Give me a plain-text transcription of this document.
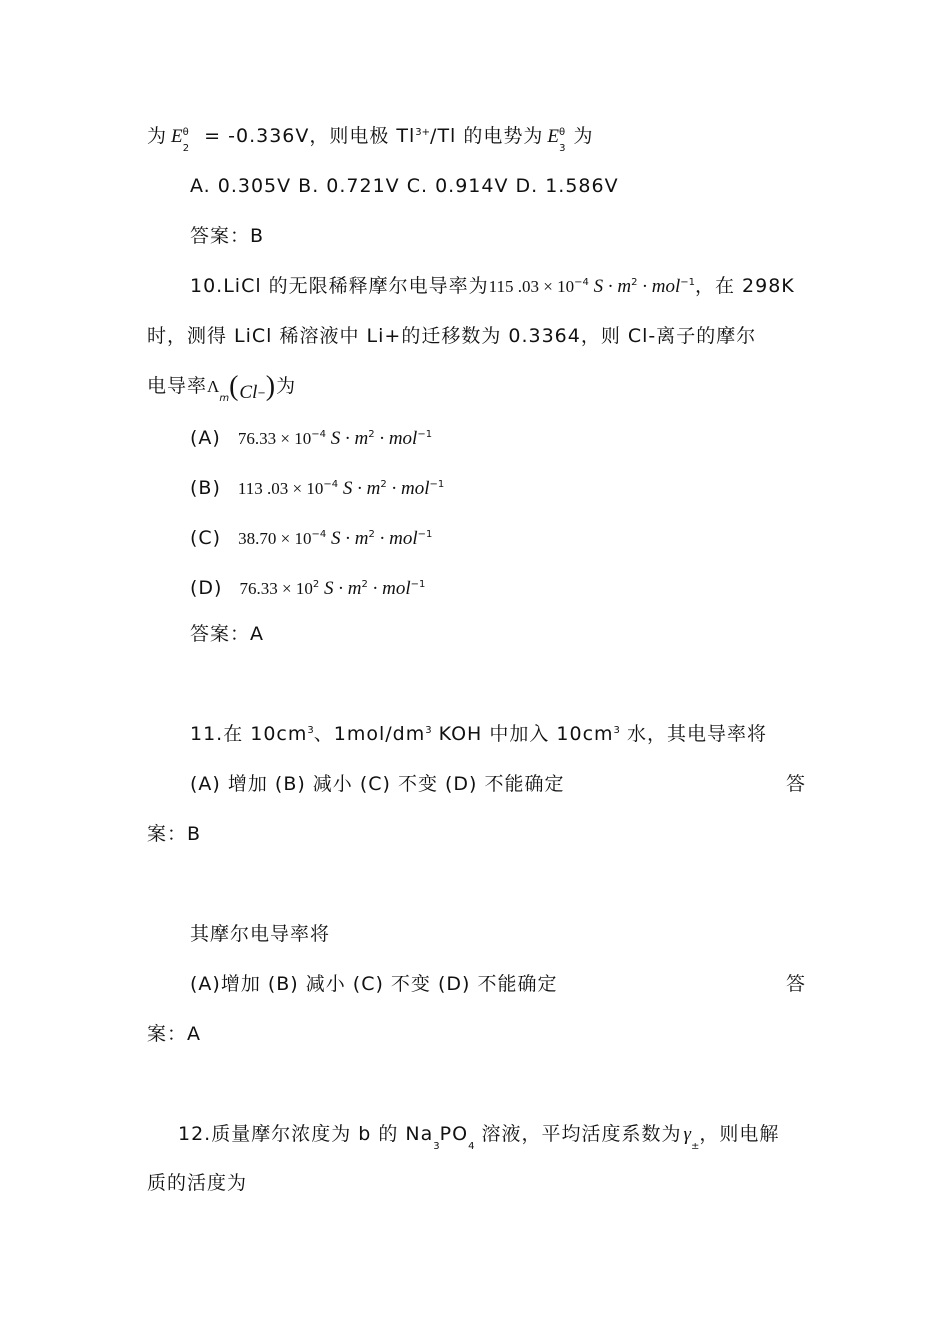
为 $E^\theta_2 = -0.336V$，则电极 $Tl^{3+}/Tl$ 的电势为 $E^\theta_3$为
A. 0.305V B. 0.721V C. 0.914V D. 1.586V
答案：B
10.LiCl 的无限稀释摩尔电导率为115 $.03 \times 10^{-4}$ $S \cdot m^2 \cdot mol^{-1}$，在 298K
时，测得 LiCl 稀溶液中 Li+的迁移数为 0.3364，则 Cl-离子的摩尔
电导率$\Lambda_m(Cl_-)$为
(A) $76.33 \times 10^{-4}$ $S \cdot m^2 \cdot mol^{-1}$
(B) 113 $.03 \times 10^{-4}$ $S \cdot m^2 \cdot mol^{-1}$
(C) $38.70 \times 10^{-4}$ $S \cdot m^2 \cdot mol^{-1}$
(D) $76.33 \times 10^2$ $S \cdot m^2 \cdot mol^{-1}$
答案：A
11.在 $10cm^3$、$1mol/dm^3$ KOH 中加入 $10cm^3$ 水，其电导率将
(A) 增加 (B) 减小 (C) 不变 (D) 不能确定	答
案：B
其摩尔电导率将
(A)增加 (B) 减小 (C) 不变 (D) 不能确定	答
案：A
12.质量摩尔浓度为 b 的 $Na_3PO_4$ 溶液，平均活度系数为 $\gamma_\pm$，则电解
质的活度为
